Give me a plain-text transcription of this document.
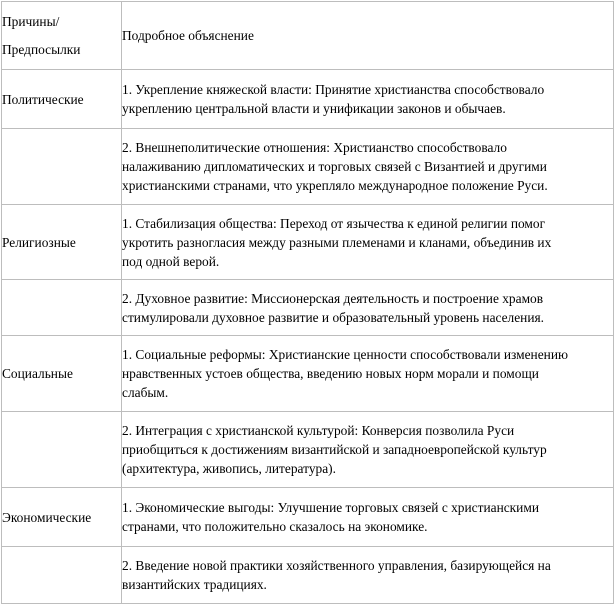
Причины/
Предпосылки	Подробное объяснение
Политические	1. Укрепление княжеской власти: Принятие христианства способствовало
укреплению центральной власти и унификации законов и обычаев.

	2. Внешнеполитические отношения: Христианство способствовало
налаживанию дипломатических и торговых связей с Византией и другими
христианскими странами, что укрепляло международное положение Руси.

Религиозные	1. Стабилизация общества: Переход от язычества к единой религии помог
укротить разногласия между разными племенами и кланами, объединив их
под одной верой.

	2. Духовное развитие: Миссионерская деятельность и построение храмов
стимулировали духовное развитие и образовательный уровень населения.

Социальные	1. Социальные реформы: Христианские ценности способствовали изменению
нравственных устоев общества, введению новых норм морали и помощи
слабым.

	2. Интеграция с христианской культурой: Конверсия позволила Руси
приобщиться к достижениям византийской и западноевропейской культур
(архитектура, живопись, литература).

Экономические	1. Экономические выгоды: Улучшение торговых связей с христианскими
странами, что положительно сказалось на экономике.

	2. Введение новой практики хозяйственного управления, базирующейся на
византийских традициях.
